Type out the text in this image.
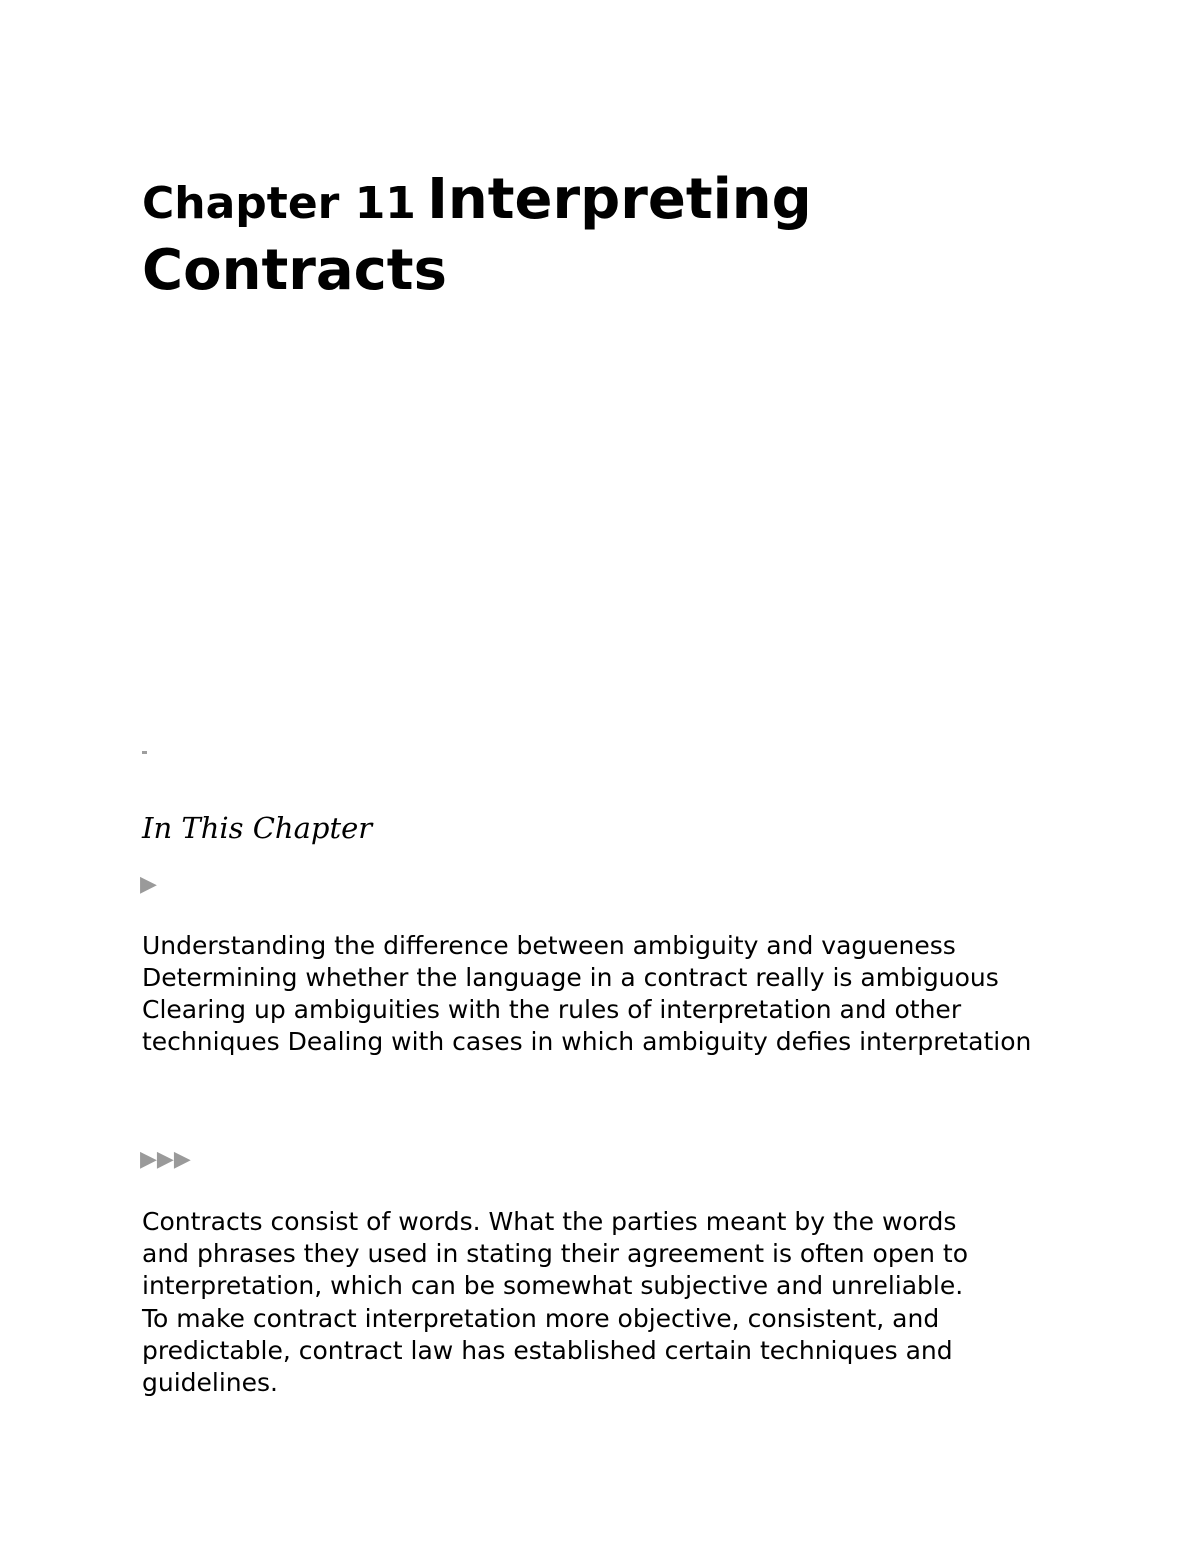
Chapter 11 Interpreting Contracts
In This Chapter
▶
Understanding the difference between ambiguity and vagueness
Determining whether the language in a contract really is ambiguous
Clearing up ambiguities with the rules of interpretation and other techniques Dealing with cases in which ambiguity defies interpretation
▶▶▶

Contracts consist of words. What the parties meant by the words
and phrases they used in stating their agreement is often open to
interpretation, which can be somewhat subjective and unreliable.
To make contract interpretation more objective, consistent, and
predictable, contract law has established certain techniques and
guidelines.
